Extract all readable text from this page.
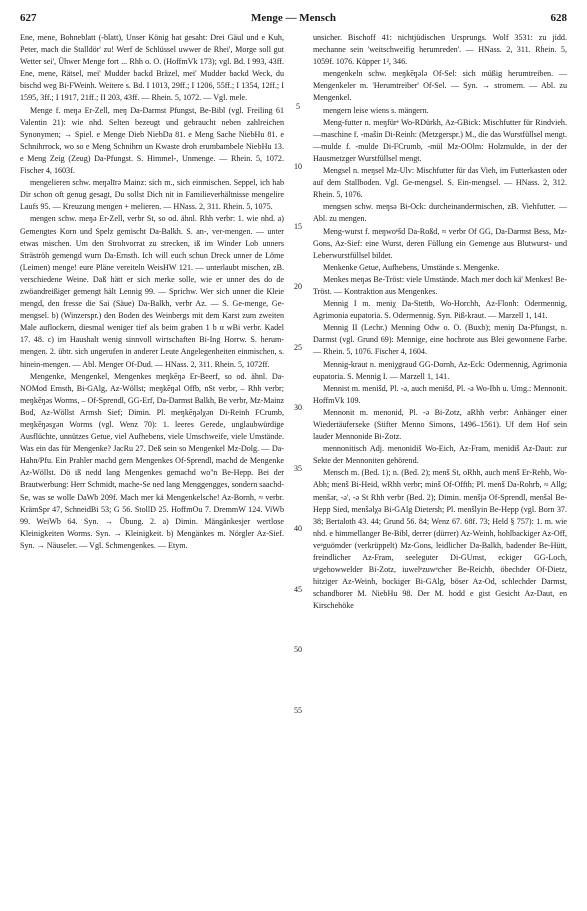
627	Menge — Mensch	628

Ene, mene, Bohneblatt (-blatt), Unser König hat gesaht: Drei Gäul und e Kuh, Peter, mach die Stalldör' zu! Werf de Schlüssel uwwer de Rhei', Morge soll gut Wetter sei', Ühwer Menge fort ... Rhh o. O. (HoffmVk 173); vgl. Bd. I 993, 43ff. Ene, mene, Rätsel, mei' Mudder backd Bräzel, mei' Mudder backd Weck, du bischd weg Bi-FWeinh. Weitere s. Bd. I 1013, 29ff.; I 1206, 55ff.; I 1354, 12ff.; I 1595, 3ff.; I 1917, 21ff.; II 203, 43ff. — Rhein. 5, 1072. — Vgl. mele.

Menge f. meŋə Er-Zell, meŋ Da-Darmst Pfungst, Be-Bibl (vgl. Freiling 61 Valentin 21): wie nhd. Selten bezeugt und gebraucht neben zahlreichen Synonymen; → Spiel. e Menge Dieb NiebDa 81. e Meng Sache NiebHu 81. e Schnihrrock, wo so e Meng Schnihrn un Kwaste droh erumbambele NiebHu 13. e Meng Zeig (Zeug) Da-Pfungst. S. Himmel-, Unmenge. — Rhein. 5, 1072. Fischer 4, 1603f.

mengelieren schw. meŋəlīrə Mainz: sich m., sich einmischen. Seppel, ich hab Dir schon oft genug gesagt, Du sollst Dich nit in Familieverhältnisse mengelire Laufs 95. — Kreuzung mengen + melieren. — HNass. 2, 311. Rhein. 5, 1075.

mengen schw. meŋə Er-Zell, verbr St, so od. ähnl. Rhh verbr: 1. wie nhd. a) Gemengtes Korn und Spelz gemischt Da-Balkh. S. an-, ver-mengen. — unter etwas mischen. Um den Strohvorrat zu strecken, iß im Winder Lob unners Sträströh gemengd wurn Da-Ernsth. Ich will euch schun Dreck unner de Löme (Leimen) menge! eure Pläne vereiteln WeisHW 121. — unterlaubt mischen, zB. verschiedene Weine. Daß hätt er sich merke solle, wie er unner des do de zwöandreißiger gemengt hält Lennig 99. — Sprichw. Wer sich unner die Kleie mengd, den fresse die Sai (Säue) Da-Balkh, verbr Az. — S. Ge-menge, Ge-mengsel. b) (Winzerspr.) den Boden des Weinbergs mit dem Karst zum zweiten Male auflockern, diesmal weniger tief als beim graben 1 b α wBi verbr. Kadel 17. 48. c) im Haushalt wenig sinnvoll wirtschaften Bi-Ing Horrw. S. herum-mengen. 2. übtr. sich ungerufen in anderer Leute Angelegenheiten einmischen, s. hinein-mengen. — Abl. Menger Of-Dud. — HNass. 2, 311. Rhein. 5, 1072ff.

Mengenke, Mengenkel, Mengenkes meŋkēŋə Er-Beerf, so od. ähnl. Da-NOMod Ernsth, Bi-GAlg, Az-Wöllst; meŋkēŋəl Offb, nSt verbr, – Rhh verbr; meŋkēŋəs Worms, – Of-Sprendl, GG-Erf, Da-Darmst Balkh, Be verbr, Mz-Mainz Bod, Az-Wöllst Armsh Sief; Dimin. Pl. meŋkēŋəlχən Di-Reinh FCrumb, meŋkēŋəsχən Worms (vgl. Wenz 70): 1. leeres Gerede, unglaubwürdige Ausflüchte, unnützes Getue, viel Aufhebens, viele Umschweife, viele Umstände. Was ein das für Mengenke? JacRu 27. Deß sein so Mengenkel Mz-Dolg. — Da-Hahn/Pfu. Ein Prahler machd gern Mengenkes Of-Sprendl, machd de Mengenke Az-Wöllst. Dö iß nedd lang Mengenkes gemachd wo''n Be-Hepp. Bei der Brautwerbung: Herr Schmidt, mache-Se ned lang Menggengges, sondern saachd-Se, was se wolle DaWb 209f. Mach mer kä Mengenkelsche! Az-Bornh, ≈ verbr. KrämSpr 47, SchneidBi 53; G 56. StollD 25. HoffmOu 7. DremmW 124. ViWb 99. WeiWb 64. Syn. → Übung. 2. a) Dimin. Mängänkesjer wertlose Kleinigkeiten Worms. Syn. → Kleinigkeit. b) Mengänkes m. Nörgler Az-Sief. Syn. → Näuseler. — Vgl. Schmengenkes. — Etym.

5
10
15
20
25
30
35
40
45
50
55

unsicher. Bischoff 41: nichtjüdischen Ursprungs. Wolf 3531: zu jidd. mechanne sein 'weitschweifig herumreden'. — HNass. 2, 311. Rhein. 5, 1059f. 1076. Küpper 1², 346.

mengenkeln schw. meŋkēŋələ Of-Sel: sich müßig herumtreiben. — Mengenkeler m. 'Herumtreiber' Of-Sel. — Syn. → stromern. — Abl. zu Mengenkel.

mengern leise wiens s. mängern.

Meng-futter n. meŋfürᵉ Wo-RDürkh, Az-GBick: Mischfutter für Rindvieh. —maschine f. -mašin Di-Reinh: (Metzgerspr.) M., die das Wurstfüllsel mengt. —mulde f. -mulde Di-FCrumb, -mül Mz-OOlm: Holzmulde, in der der Hausmetzger Wurstfüllsel mengt.

Mengsel n. meŋsel Mz-Ulv: Mischfutter für das Vieh, im Futterkasten oder auf dem Stallboden. Vgl. Ge-mengsel. S. Ein-mengsel. — HNass. 2, 312. Rhein. 5, 1076.

mengsen schw. meŋsə Bi-Ock: durcheinandermischen, zB. Viehfutter. — Abl. zu mengen.

Meng-wurst f. meŋwoᵉšd Da-Roßd, ≈ verbr Of GG, Da-Darmst Bess, Mz-Gons, Az-Sief: eine Wurst, deren Füllung ein Gemenge aus Blutwurst- und Leberwurstfüllsel bildet.

Menkenke Getue, Aufhebens, Umstände s. Mengenke.

Menkes meŋəs Be-Tröst: viele Umstände. Mach mer doch kä' Menkes! Be-Tröst. — Kontraktion aus Mengenkes.

Mennig I m. meniχ Da-Stettb, Wo-Horchh, Az-Flonh: Odermennig, Agrimonia eupatoria. S. Odermennig. Syn. Piß-kraut. — Marzell 1, 141.

Mennig II (Lechr.) Menning Odw o. O. (Buxb); meniŋ Da-Pfungst, n. Darmst (vgl. Grund 69): Mennige, eine hochrote aus Blei gewonnene Farbe. — Rhein. 5, 1076. Fischer 4, 1604.

Mennig-kraut n. meniχgraud GG-Dornh, Az-Eck: Odermennig, Agrimonia eupatoria. S. Mennig I. — Marzell 1, 141.

Mennist m. menišd, Pl. -ə, auch menišd, Pl. -ə Wo-Ibh u. Umg.: Mennonit. HoffmVk 109.

Mennonit m. menonid, Pl. -ə Bi-Zotz, aRhh verbr: Anhänger einer Wiedertäuferseke (Stifter Menno Simons, 1496–1561). Uf dem Hof sein lauder Mennonide Bi-Zotz.

mennonitisch Adj. menonidiš Wo-Eich, Az-Fram, menidiš Az-Daut: zur Sekte der Mennoniten gehörend.

Mensch m. (Bed. 1); n. (Bed. 2); menš St, oRhh, auch menš Er-Rehb, Wo-Abh; menš Bi-Heid, wRhh verbr; minš Of-Offth; Pl. menš Da-Rohrb, ≈ Allg; menšər, -ə', -ə St Rhh verbr (Bed. 2); Dimin. menšjə Of-Sprendl, menšəl Be-Hepp Sied, menšəlχə Bi-GAlg Dietersh; Pl. menšlyin Be-Hepp (vgl. Born 37. 38; Bertaloth 43. 44; Grund 56. 84; Wenz 67. 68f. 73; Held § 757): 1. m. wie nhd. e himmellanger Be-Bibl, derrer (dürrer) Az-Weinh, hohlbackiger Az-Off, veᵉguömder (verkrüppelt) Mz-Gons, leidlicher Da-Balkh, badender Be-Hütt, freindlicher Az-Fram, seeleguter Di-GUmst, eckiger GG-Loch, uᵉgehowwelder Bi-Zotz, iuwelᵉzuwᵉcher Be-Reichb, öbechder Of-Dietz, hitziger Az-Weinh, bockiger Bi-GAlg, böser Az-Od, schlechder Darmst, schandborer M. NiebHu 98. Der M. hodd e gist Gesicht Az-Daut, en Kirschehöke
